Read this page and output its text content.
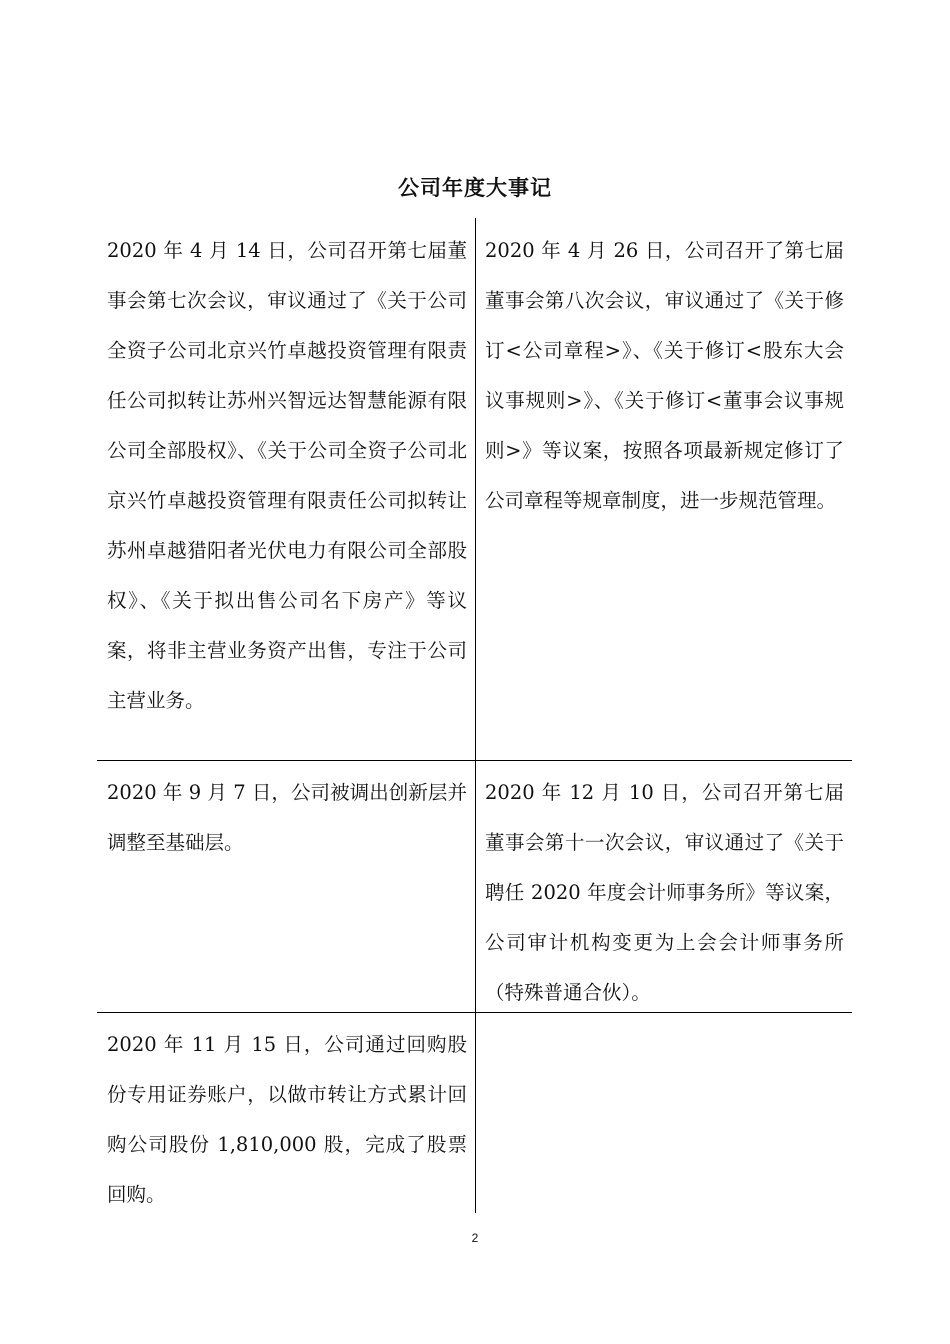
公司年度大事记
2020 年 4 月 14 日，公司召开第七届董事会第七次会议，审议通过了《关于公司全资子公司北京兴竹卓越投资管理有限责任公司拟转让苏州兴智远达智慧能源有限公司全部股权》、《关于公司全资子公司北京兴竹卓越投资管理有限责任公司拟转让苏州卓越猎阳者光伏电力有限公司全部股权》、《关于拟出售公司名下房产》等议案，将非主营业务资产出售，专注于公司主营业务。
2020 年 4 月 26 日，公司召开了第七届董事会第八次会议，审议通过了《关于修订<公司章程>》、《关于修订<股东大会议事规则>》、《关于修订<董事会议事规则>》等议案，按照各项最新规定修订了公司章程等规章制度，进一步规范管理。
2020 年 9 月 7 日，公司被调出创新层并调整至基础层。
2020 年 12 月 10 日，公司召开第七届董事会第十一次会议，审议通过了《关于聘任 2020 年度会计师事务所》等议案，公司审计机构变更为上会会计师事务所（特殊普通合伙）。
2020 年 11 月 15 日，公司通过回购股份专用证券账户，以做市转让方式累计回购公司股份 1,810,000 股，完成了股票回购。
2
